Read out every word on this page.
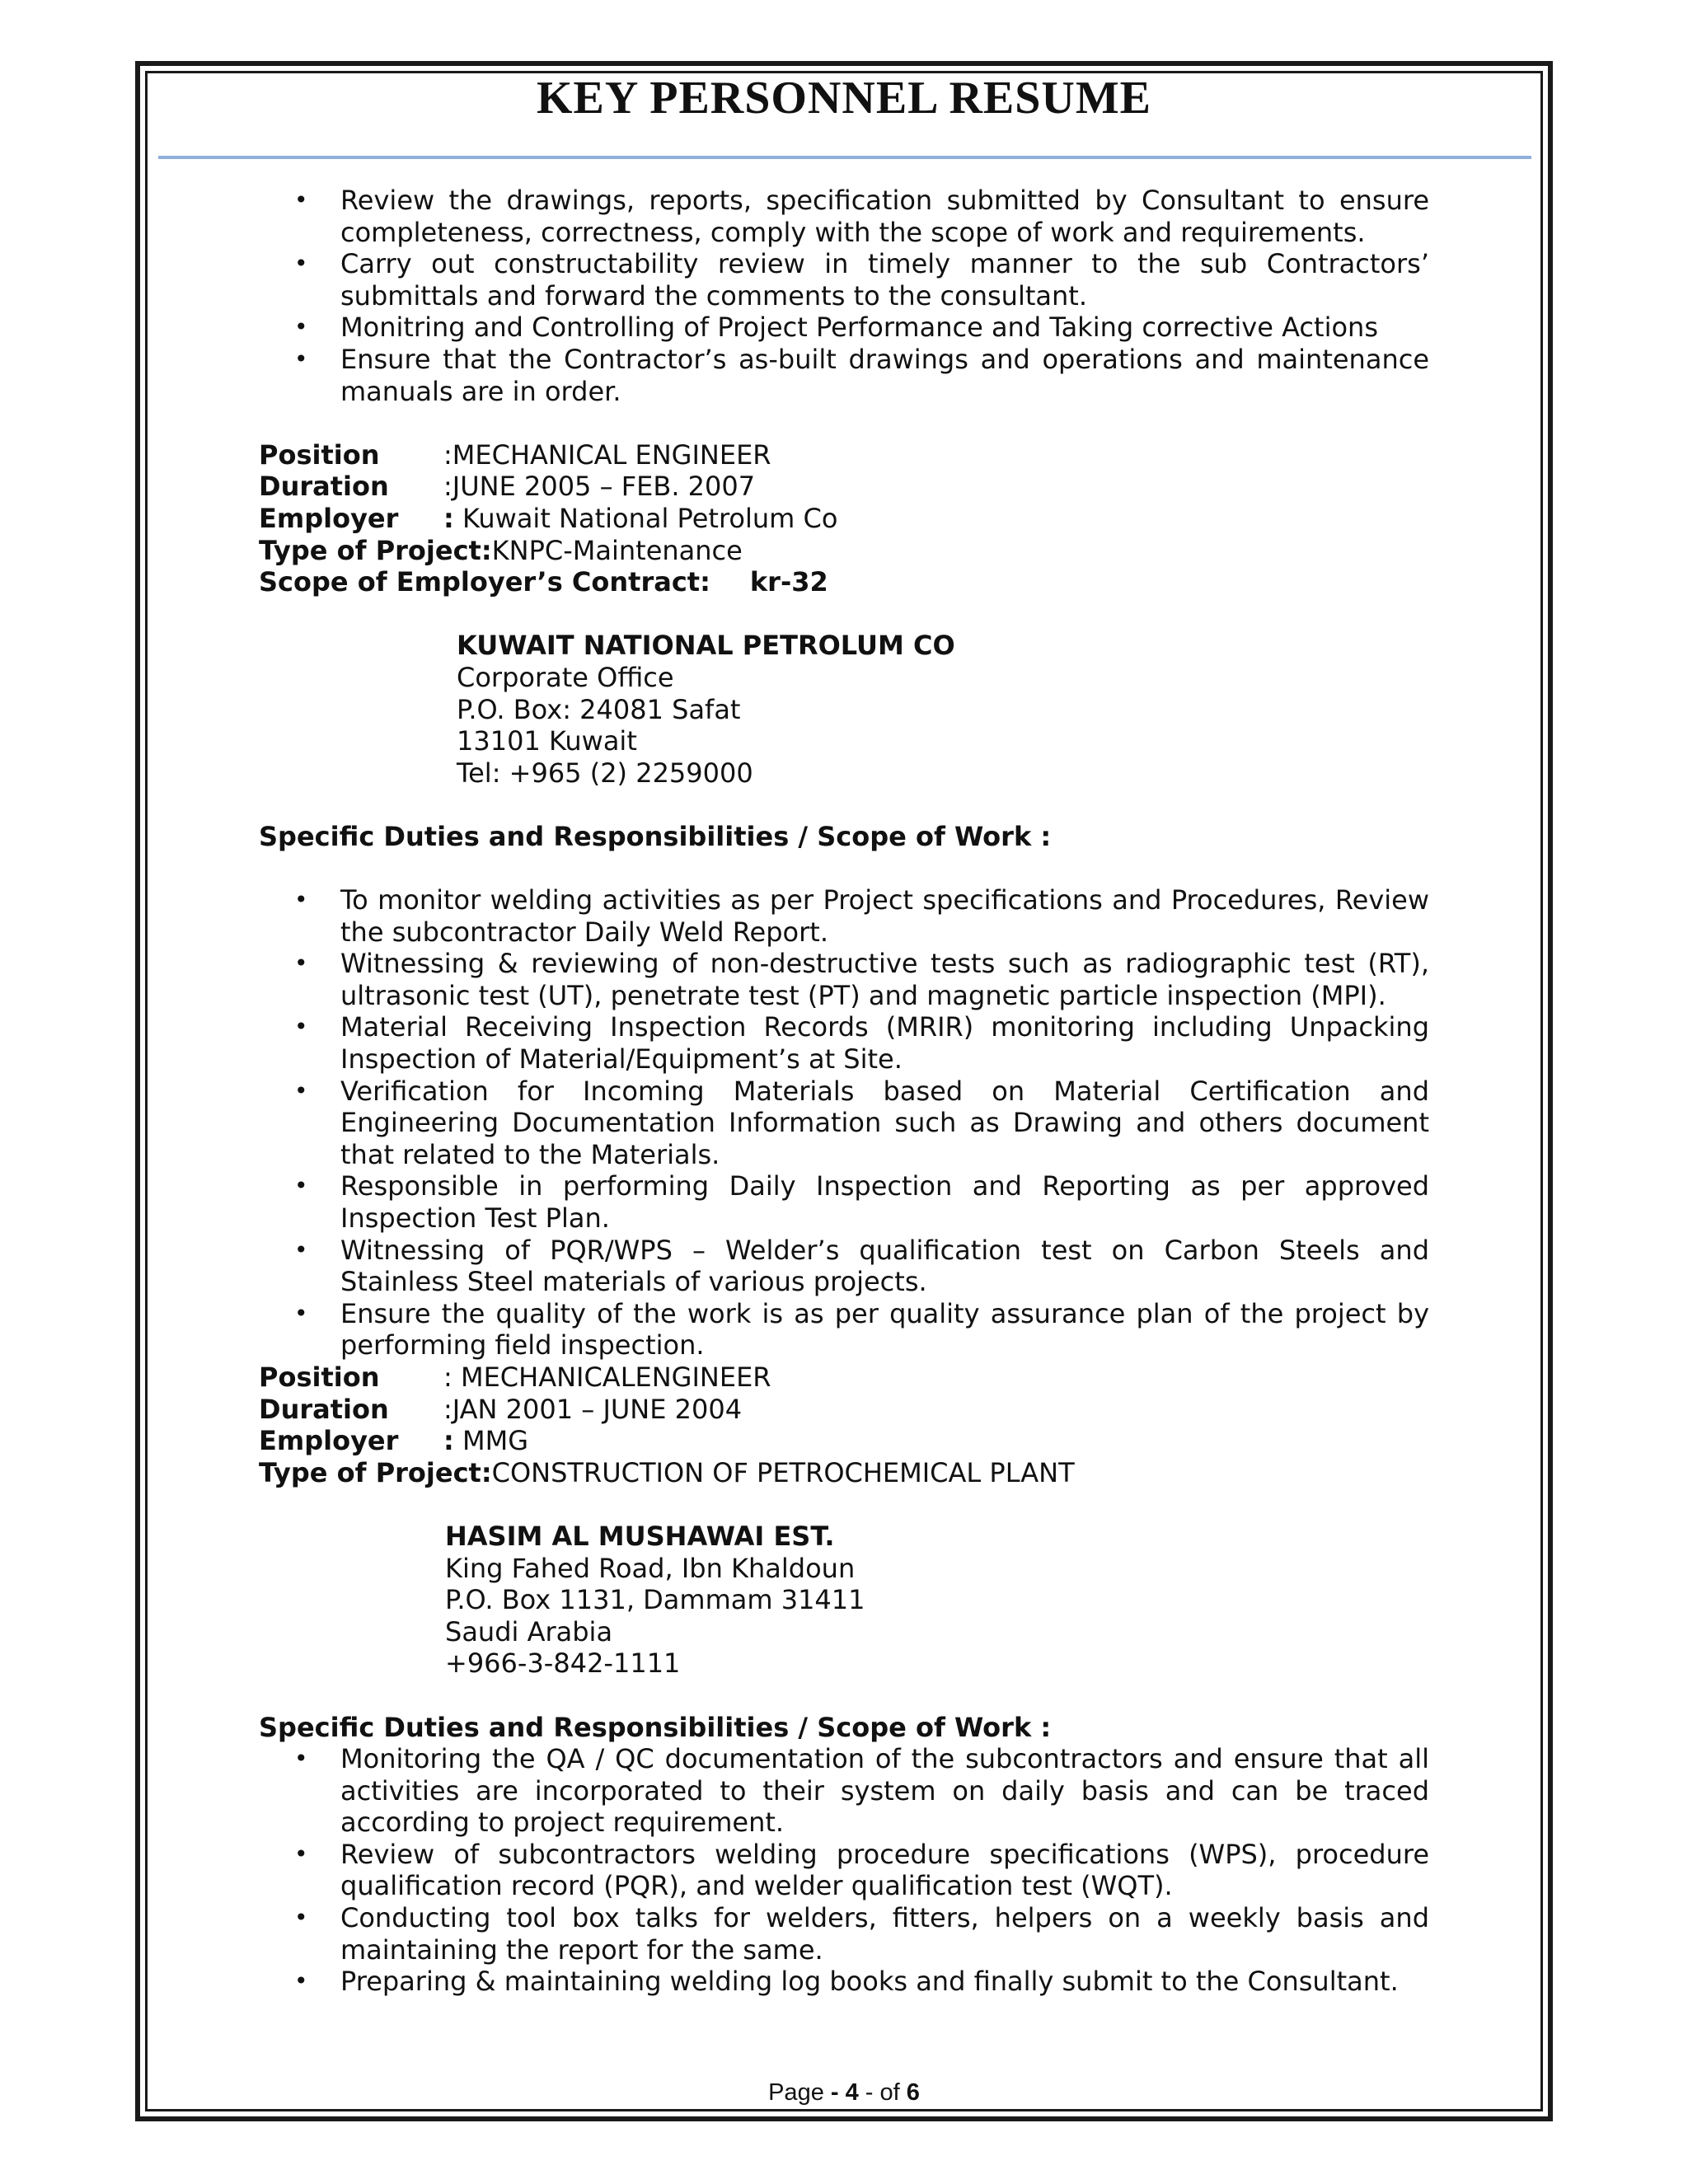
KEY PERSONNEL RESUME
• Review the drawings, reports, specification submitted by Consultant to ensure completeness, correctness, comply with the scope of work and requirements.
• Carry out constructability review in timely manner to the sub Contractors’ submittals and forward the comments to the consultant.
• Monitring and Controlling of Project Performance and Taking corrective Actions
• Ensure that the Contractor’s as-built drawings and operations and maintenance manuals are in order.
Position	:MECHANICAL ENGINEER
Duration	:JUNE 2005 – FEB. 2007
Employer	: Kuwait National Petrolum Co
Type of Project: KNPC-Maintenance
Scope of Employer’s Contract:	kr-32
KUWAIT NATIONAL PETROLUM CO
Corporate Office
P.O. Box: 24081 Safat
13101 Kuwait
Tel: +965 (2) 2259000
Specific Duties and Responsibilities / Scope of Work :
• To monitor welding activities as per Project specifications and Procedures, Review the subcontractor Daily Weld Report.
• Witnessing & reviewing of non-destructive tests such as radiographic test (RT), ultrasonic test (UT), penetrate test (PT) and magnetic particle inspection (MPI).
• Material Receiving Inspection Records (MRIR) monitoring including Unpacking Inspection of Material/Equipment’s at Site.
• Verification for Incoming Materials based on Material Certification and Engineering Documentation Information such as Drawing and others document that related to the Materials.
• Responsible in performing Daily Inspection and Reporting as per approved Inspection Test Plan.
• Witnessing of PQR/WPS – Welder’s qualification test on Carbon Steels and Stainless Steel materials of various projects.
• Ensure the quality of the work is as per quality assurance plan of the project by performing field inspection.
Position	: MECHANICALENGINEER
Duration	:JAN 2001 – JUNE 2004
Employer	: MMG
Type of Project: CONSTRUCTION OF PETROCHEMICAL PLANT
HASIM AL MUSHAWAI EST.
King Fahed Road, Ibn Khaldoun
P.O. Box 1131, Dammam 31411
Saudi Arabia
+966-3-842-1111
Specific Duties and Responsibilities / Scope of Work :
• Monitoring the QA / QC documentation of the subcontractors and ensure that all activities are incorporated to their system on daily basis and can be traced according to project requirement.
• Review of subcontractors welding procedure specifications (WPS), procedure qualification record (PQR), and welder qualification test (WQT).
• Conducting tool box talks for welders, fitters, helpers on a weekly basis and maintaining the report for the same.
• Preparing & maintaining welding log books and finally submit to the Consultant.
Page - 4 - of 6
